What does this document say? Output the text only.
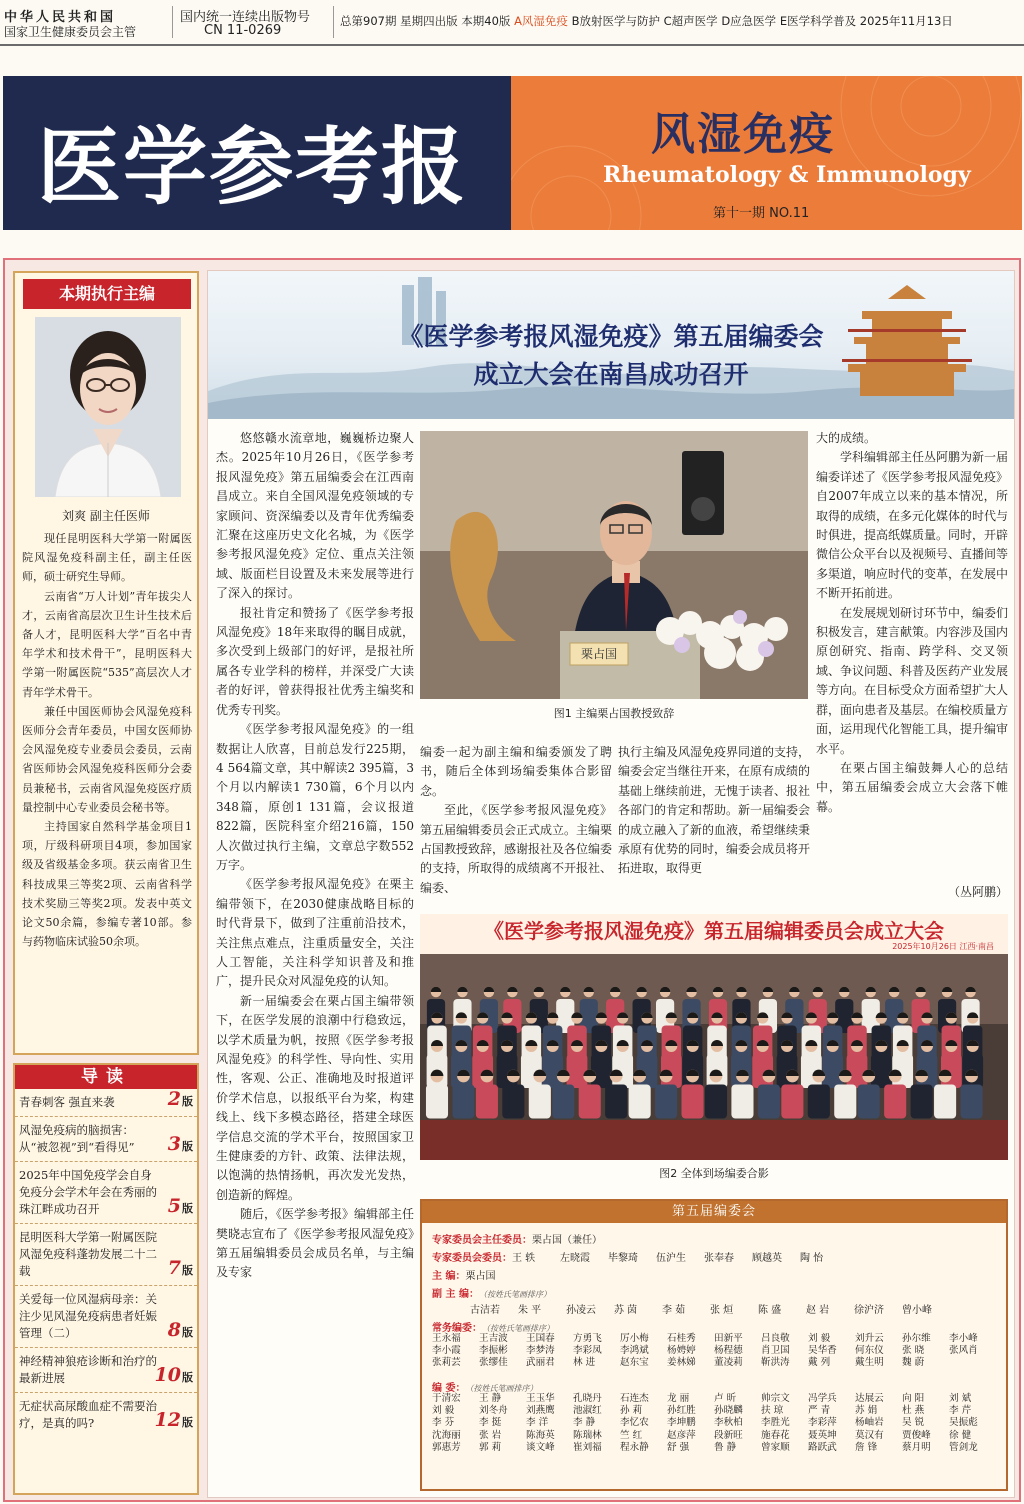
中华人民共和国
国家卫生健康委员会主管
国内统一连续出版物号
CN 11-0269
总第907期 星期四出版 本期40版 A风湿免疫 B放射医学与防护 C超声医学 D应急医学 E医学科学普及 2025年11月13日
医学参考报	风湿免疫
Rheumatology & Immunology
第十一期 NO.11
本期执行主编
刘爽 副主任医师

现任昆明医科大学第一附属医院风湿免疫科副主任，副主任医师，硕士研究生导师。

云南省“万人计划”青年拔尖人才，云南省高层次卫生计生技术后备人才，昆明医科大学“百名中青年学术和技术骨干”，昆明医科大学第一附属医院“535”高层次人才青年学术骨干。

兼任中国医师协会风湿免疫科医师分会青年委员，中国女医师协会风湿免疫专业委员会委员，云南省医师协会风湿免疫科医师分会委员兼秘书，云南省风湿免疫医疗质量控制中心专业委员会秘书等。

主持国家自然科学基金项目1项，厅级科研项目4项，参加国家级及省级基金多项。获云南省卫生科技成果三等奖2项、云南省科学技术奖励三等奖2项。发表中英文论文50余篇，参编专著10部。参与药物临床试验50余项。

导读
青春刺客 强直来袭	2版
风湿免疫病的脑损害：从“被忽视”到“看得见” 3版
2025年中国免疫学会自身免疫分会学术年会在秀丽的珠江畔成功召开	5版
昆明医科大学第一附属医院风湿免疫科蓬勃发展二十二载	7版
关爱每一位风湿病母亲：关注少见风湿免疫病患者妊娠管理（二）	8版
神经精神狼疮诊断和治疗的最新进展	10版
无症状高尿酸血症不需要治疗，是真的吗?	12版
《医学参考报风湿免疫》第五届编委会
成立大会在南昌成功召开

悠悠赣水流章地，巍巍桥边聚人杰。2025年10月26日，《医学参考报风湿免疫》第五届编委会在江西南昌成立。来自全国风湿免疫领域的专家顾问、资深编委以及青年优秀编委汇聚在这座历史文化名城，为《医学参考报风湿免疫》定位、重点关注领域、版面栏目设置及未来发展等进行了深入的探讨。

报社肯定和赞扬了《医学参考报风湿免疫》18年来取得的瞩目成就，多次受到上级部门的好评，是报社所属各专业学科的榜样，并深受广大读者的好评，曾获得报社优秀主编奖和优秀专刊奖。

《医学参考报风湿免疫》的一组数据让人欣喜，目前总发行225期，4 564篇文章，其中解读2 395篇，3个月以内解读1 730篇，6个月以内348篇，原创1 131篇，会议报道822篇，医院科室介绍216篇，150人次做过执行主编，文章总字数552万字。

《医学参考报风湿免疫》在栗主编带领下，在2030健康战略目标的时代背景下，做到了注重前沿技术，关注焦点难点，注重质量安全，关注人工智能，关注科学知识普及和推广，提升民众对风湿免疫的认知。

新一届编委会在栗占国主编带领下，在医学发展的浪潮中行稳致远，以学术质量为帆，按照《医学参考报风湿免疫》的科学性、导向性、实用性，客观、公正、准确地及时报道评价学术信息，以报纸平台为桨，构建线上、线下多模态路径，搭建全球医学信息交流的学术平台，按照国家卫生健康委的方针、政策、法律法规，以饱满的热情扬帆，再次发光发热，创造新的辉煌。

随后，《医学参考报》编辑部主任樊晓志宣布了《医学参考报风湿免疫》第五届编辑委员会成员名单，与主编及专家

栗占国
图1 主编栗占国教授致辞

编委一起为副主编和编委颁发了聘书，随后全体到场编委集体合影留念。

至此，《医学参考报风湿免疫》第五届编辑委员会正式成立。主编栗占国教授致辞，感谢报社及各位编委的支持，所取得的成绩离不开报社、编委、

执行主编及风湿免疫界同道的支持，编委会定当继往开来，在原有成绩的基础上继续前进，无愧于读者、报社各部门的肯定和帮助。新一届编委会的成立融入了新的血液，希望继续秉承原有优势的同时，编委会成员将开拓进取，取得更

大的成绩。

学科编辑部主任丛阿鹏为新一届编委详述了《医学参考报风湿免疫》自2007年成立以来的基本情况，所取得的成绩，在多元化媒体的时代与时俱进，提高纸媒质量。同时，开辟微信公众平台以及视频号、直播间等多渠道，响应时代的变革，在发展中不断开拓前进。

在发展规划研讨环节中，编委们积极发言，建言献策。内容涉及国内原创研究、指南、跨学科、交叉领域、争议问题、科普及医药产业发展等方向。在目标受众方面希望扩大人群，面向患者及基层。在编校质量方面，运用现代化智能工具，提升编审水平。

在栗占国主编鼓舞人心的总结中，第五届编委会成立大会落下帷幕。

（丛阿鹏）
《医学参考报风湿免疫》第五届编辑委员会成立大会
2025年10月26日 江西·南昌
图2 全体到场编委合影
第五届编委会
专家委员会主任委员：栗占国（兼任）
专家委员会委员：王 轶 左晓霞 毕黎琦 伍沪生 张奉春 顾越英 陶 怡
主 编：栗占国
副 主 编：（按姓氏笔画排序）
古洁若 朱 平 孙凌云 苏 茵 李 茹 张 烜 陈 盛 赵 岩 徐沪济 曾小峰
常务编委：（按姓氏笔画排序）
王永福 王吉波 王国春 方勇飞 厉小梅 石桂秀 田新平 吕良敬 刘 毅	刘升云 孙尔维 李小峰
李小霞 李振彬 李梦涛 李彩凤 李鸿斌 杨娉婷 杨程德 肖卫国 吴华香 何东仪 张 晓	张风肖
张莉芸 张缪佳 武丽君 林 进	赵东宝 姜林娣 董凌莉 靳洪涛 戴 列	戴生明 魏 蔚
编 委：（按姓氏笔画排序）
于清宏 王 静	王玉华 孔晓丹 石连杰 龙 丽	卢 昕	帅宗文 冯学兵 达展云 向 阳	刘 斌
刘 毅	刘冬舟 刘燕鹰 池淑红 孙 莉	孙红胜 孙晓麟 扶 琼	严 青	苏 娟	杜 燕	李 芹
李 芬	李 挺	李 洋	李 静	李忆农 李坤鹏 李秋柏 李胜光 李彩萍 杨岫岩 吴 锐	吴振彪
沈海丽 张 岩	陈海英 陈瑞林 竺 红	赵彦萍 段新旺 施春花 聂英坤 莫汉有 贾俊峰 徐 健
郭惠芳 郭 莉	谈文峰 崔刘福 程永静 舒 强	鲁 静	曾家顺 路跃武 詹 锋	蔡月明 管剑龙
